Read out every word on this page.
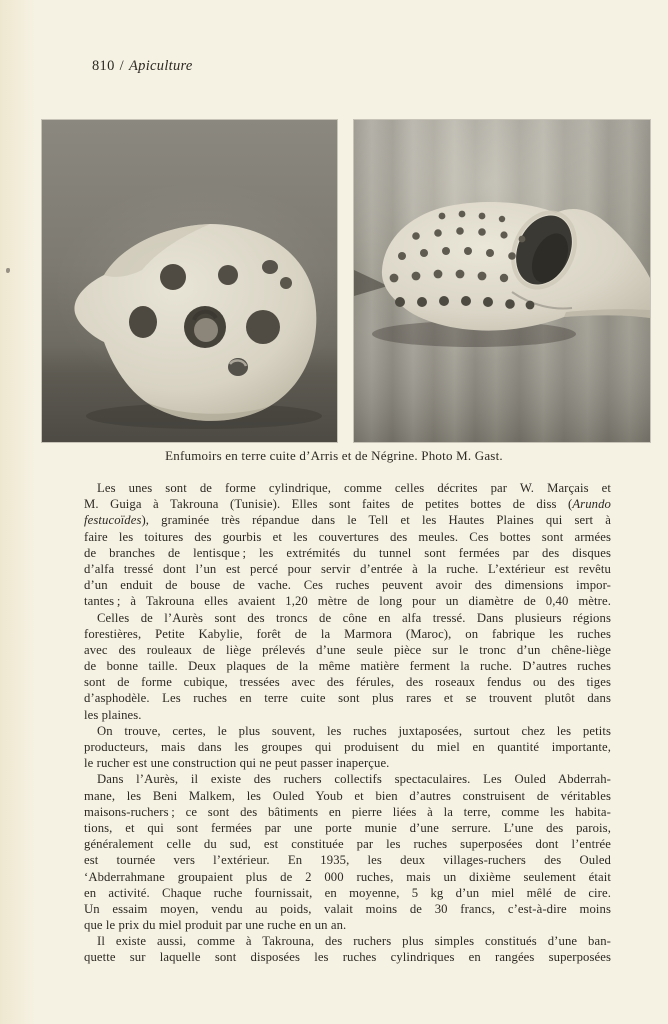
810 / Apiculture
Enfumoirs en terre cuite d’Arris et de Négrine. Photo M. Gast.
Les unes sont de forme cylindrique, comme celles décrites par W. Marçais et
M. Guiga à Takrouna (Tunisie). Elles sont faites de petites bottes de diss (Arundo
festucoïdes), graminée très répandue dans le Tell et les Hautes Plaines qui sert à
faire les toitures des gourbis et les couvertures des meules. Ces bottes sont armées
de branches de lentisque ; les extrémités du tunnel sont fermées par des disques
d’alfa tressé dont l’un est percé pour servir d’entrée à la ruche. L’extérieur est revêtu
d’un enduit de bouse de vache. Ces ruches peuvent avoir des dimensions impor-
tantes ; à Takrouna elles avaient 1,20 mètre de long pour un diamètre de 0,40 mètre.
Celles de l’Aurès sont des troncs de cône en alfa tressé. Dans plusieurs régions
forestières, Petite Kabylie, forêt de la Marmora (Maroc), on fabrique les ruches
avec des rouleaux de liège prélevés d’une seule pièce sur le tronc d’un chêne-liège
de bonne taille. Deux plaques de la même matière ferment la ruche. D’autres ruches
sont de forme cubique, tressées avec des férules, des roseaux fendus ou des tiges
d’asphodèle. Les ruches en terre cuite sont plus rares et se trouvent plutôt dans
les plaines.
On trouve, certes, le plus souvent, les ruches juxtaposées, surtout chez les petits
producteurs, mais dans les groupes qui produisent du miel en quantité importante,
le rucher est une construction qui ne peut passer inaperçue.
Dans l’Aurès, il existe des ruchers collectifs spectaculaires. Les Ouled Abderrah-
mane, les Beni Malkem, les Ouled Youb et bien d’autres construisent de véritables
maisons-ruchers ; ce sont des bâtiments en pierre liées à la terre, comme les habita-
tions, et qui sont fermées par une porte munie d’une serrure. L’une des parois,
généralement celle du sud, est constituée par les ruches superposées dont l’entrée
est tournée vers l’extérieur. En 1935, les deux villages-ruchers des Ouled
‘Abderrahmane groupaient plus de 2 000 ruches, mais un dixième seulement était
en activité. Chaque ruche fournissait, en moyenne, 5 kg d’un miel mêlé de cire.
Un essaim moyen, vendu au poids, valait moins de 30 francs, c’est-à-dire moins
que le prix du miel produit par une ruche en un an.
Il existe aussi, comme à Takrouna, des ruchers plus simples constitués d’une ban-
quette sur laquelle sont disposées les ruches cylindriques en rangées superposées
